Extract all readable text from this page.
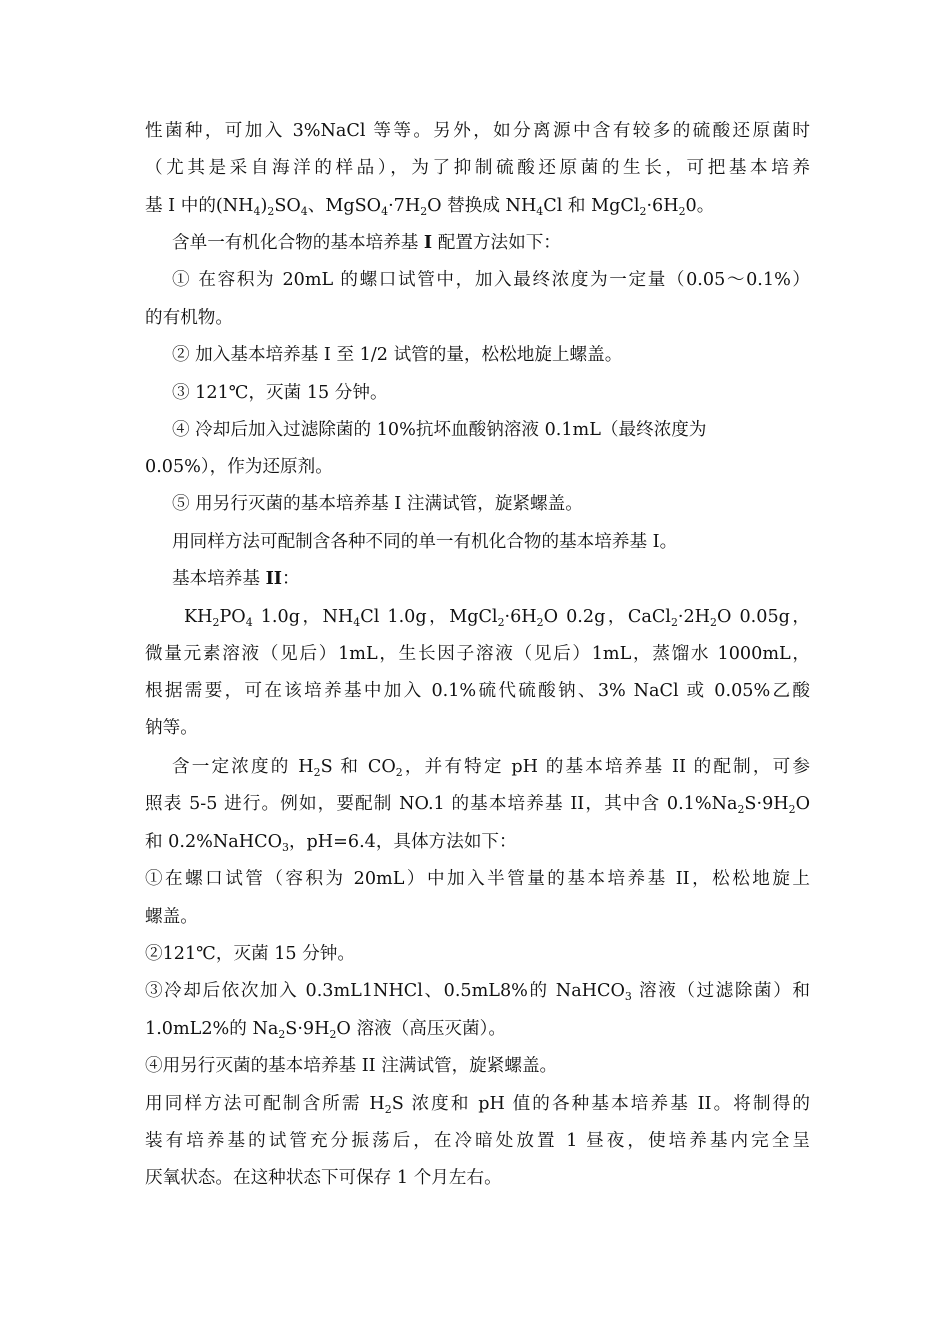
性菌种，可加入 3%NaCl 等等。另外，如分离源中含有较多的硫酸还原菌时
（尤其是采自海洋的样品），为了抑制硫酸还原菌的生长，可把基本培养
基 I 中的$(NH_4)_2SO_4$、$MgSO_4\cdot 7H_2O$ 替换成 $NH_4Cl$ 和 $MgCl_2\cdot 6H_20$。
含单一有机化合物的基本培养基 I 配置方法如下：
① 在容积为 20mL 的螺口试管中，加入最终浓度为一定量（0.05～0.1%）
的有机物。
② 加入基本培养基 I 至 1/2 试管的量，松松地旋上螺盖。
③ 121℃，灭菌 15 分钟。
④ 冷却后加入过滤除菌的 10%抗坏血酸钠溶液 0.1mL（最终浓度为
0.05%），作为还原剂。
⑤ 用另行灭菌的基本培养基 I 注满试管，旋紧螺盖。
用同样方法可配制含各种不同的单一有机化合物的基本培养基 I。
基本培养基 II：
$KH_2PO_4$ 1.0g，$NH_4Cl$ 1.0g，$MgCl_2\cdot 6H_2O$ 0.2g，$CaCl_2\cdot 2H_2O$ 0.05g，
微量元素溶液（见后）1mL，生长因子溶液（见后）1mL，蒸馏水 1000mL，
根据需要，可在该培养基中加入 0.1%硫代硫酸钠、3% NaCl 或 0.05%乙酸
钠等。
含一定浓度的 $H_2S$ 和 $CO_2$，并有特定 pH 的基本培养基 II 的配制，可参
照表 5-5 进行。例如，要配制 NO.1 的基本培养基 II，其中含 $0.1\%Na_2S\cdot 9H_2O$
和 0.2%NaHCO$_3$，pH=6.4，具体方法如下：
①在螺口试管（容积为 20mL）中加入半管量的基本培养基 II，松松地旋上
螺盖。
②121℃，灭菌 15 分钟。
③冷却后依次加入 0.3mL1NHCl、0.5mL8%的 NaHCO$_3$ 溶液（过滤除菌）和
1.0mL2%的 $Na_2S\cdot 9H_2O$ 溶液（高压灭菌）。
④用另行灭菌的基本培养基 II 注满试管，旋紧螺盖。
用同样方法可配制含所需 $H_2S$ 浓度和 pH 值的各种基本培养基 II。将制得的
装有培养基的试管充分振荡后，在冷暗处放置 1 昼夜，使培养基内完全呈
厌氧状态。在这种状态下可保存 1 个月左右。
